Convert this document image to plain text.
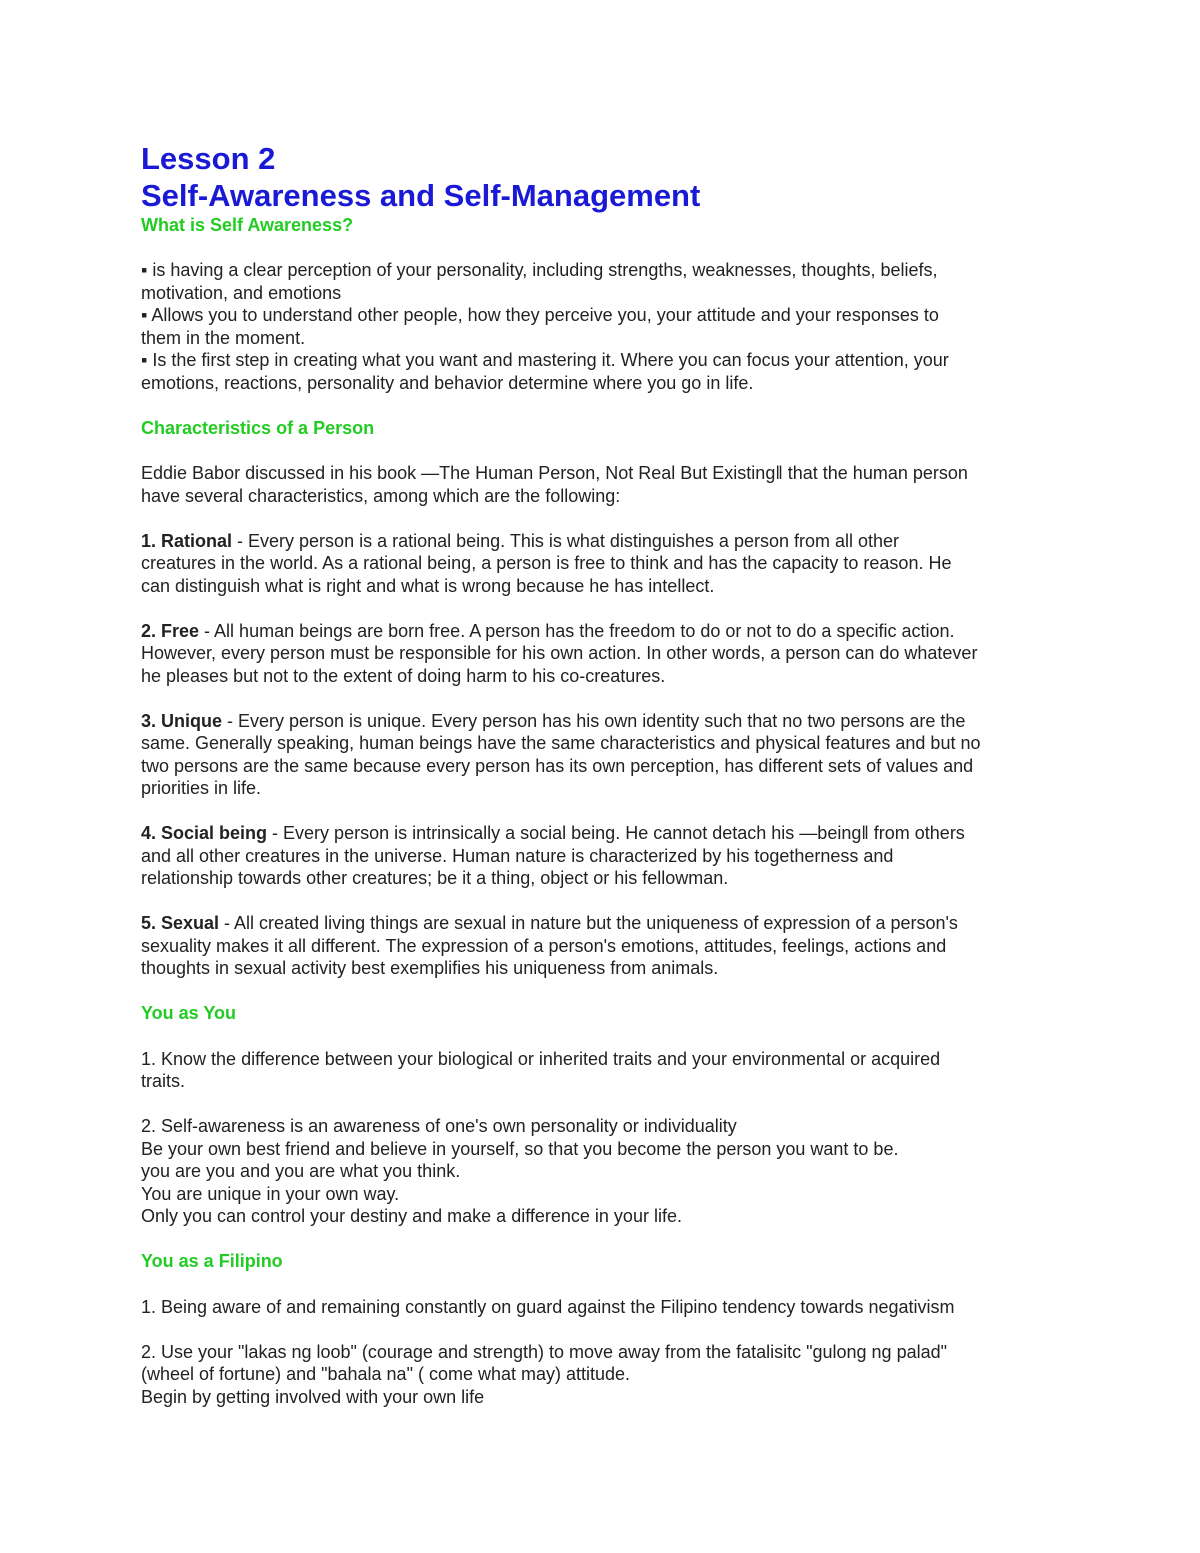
Lesson 2
Self-Awareness and Self-Management
What is Self Awareness?
▪ is having a clear perception of your personality, including strengths, weaknesses, thoughts, beliefs,
motivation, and emotions
▪ Allows you to understand other people, how they perceive you, your attitude and your responses to
them in the moment.
▪ Is the first step in creating what you want and mastering it. Where you can focus your attention, your
emotions, reactions, personality and behavior determine where you go in life.
Characteristics of a Person
Eddie Babor discussed in his book ―The Human Person, Not Real But Existing‖ that the human person
have several characteristics, among which are the following:
1. Rational - Every person is a rational being. This is what distinguishes a person from all other
creatures in the world. As a rational being, a person is free to think and has the capacity to reason. He
can distinguish what is right and what is wrong because he has intellect.
2. Free - All human beings are born free. A person has the freedom to do or not to do a specific action.
However, every person must be responsible for his own action. In other words, a person can do whatever
he pleases but not to the extent of doing harm to his co-creatures.
3. Unique - Every person is unique. Every person has his own identity such that no two persons are the
same. Generally speaking, human beings have the same characteristics and physical features and but no
two persons are the same because every person has its own perception, has different sets of values and
priorities in life.
4. Social being - Every person is intrinsically a social being. He cannot detach his ―being‖ from others
and all other creatures in the universe. Human nature is characterized by his togetherness and
relationship towards other creatures; be it a thing, object or his fellowman.
5. Sexual - All created living things are sexual in nature but the uniqueness of expression of a person's
sexuality makes it all different. The expression of a person's emotions, attitudes, feelings, actions and
thoughts in sexual activity best exemplifies his uniqueness from animals.
You as You
1. Know the difference between your biological or inherited traits and your environmental or acquired
traits.
2. Self-awareness is an awareness of one's own personality or individuality
Be your own best friend and believe in yourself, so that you become the person you want to be.
you are you and you are what you think.
You are unique in your own way.
Only you can control your destiny and make a difference in your life.
You as a Filipino
1. Being aware of and remaining constantly on guard against the Filipino tendency towards negativism
2. Use your "lakas ng loob" (courage and strength) to move away from the fatalisitc "gulong ng palad"
(wheel of fortune) and "bahala na" ( come what may) attitude.
Begin by getting involved with your own life
